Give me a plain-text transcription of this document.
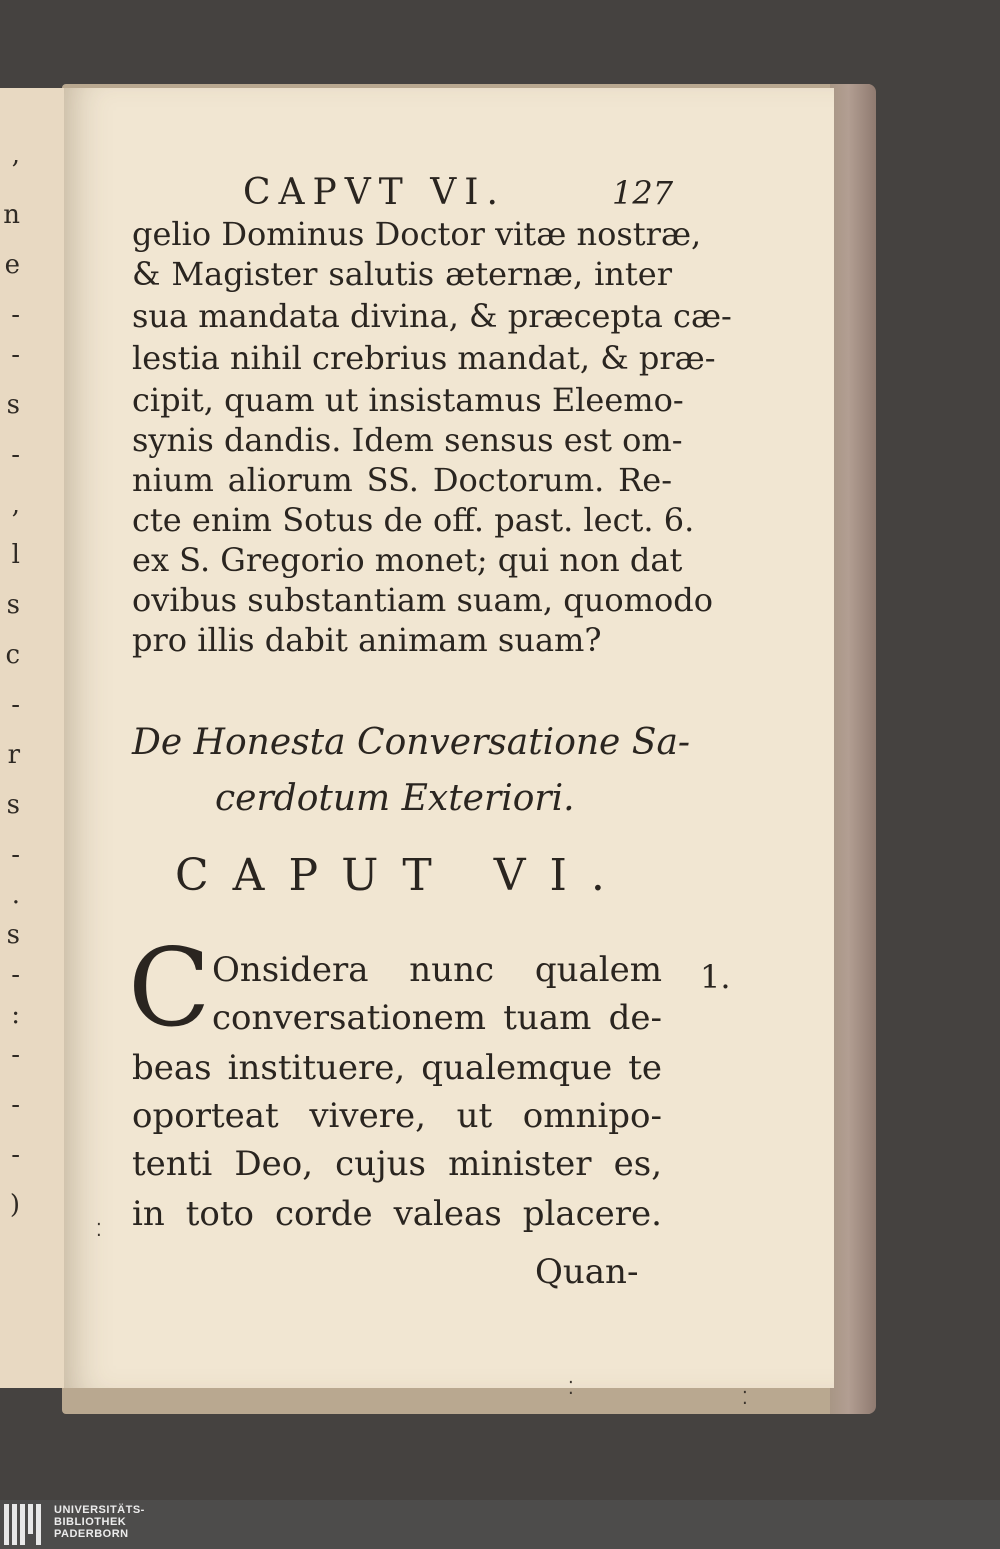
,
n
e
-
-
s
-
,
l
s
c
-
r
s
-
.
s
-
:
-
-
-
)
CAPVT VI.	127
gelio Dominus Doctor vitæ nostræ,
& Magister salutis æternæ, inter
sua mandata divina, & præcepta cæ-
lestia nihil crebrius mandat, & præ-
cipit, quam ut insistamus Eleemo-
synis dandis. Idem sensus est om-
nium aliorum SS. Doctorum. Re-
cte enim Sotus de off. past. lect. 6.
ex S. Gregorio monet; qui non dat
ovibus substantiam suam, quomodo
pro illis dabit animam suam?
De Honesta Conversatione Sa-
cerdotum Exteriori.
CAPUT VI.
C	1.
Onsidera nunc qualem
conversationem tuam de-
beas instituere, qualemque te
oporteat vivere, ut omnipo-
tenti Deo, cujus minister es,
in toto corde valeas placere.
Quan-
⁚
⁚	⁚
UNIVERSITÄTS-
BIBLIOTHEK
PADERBORN
